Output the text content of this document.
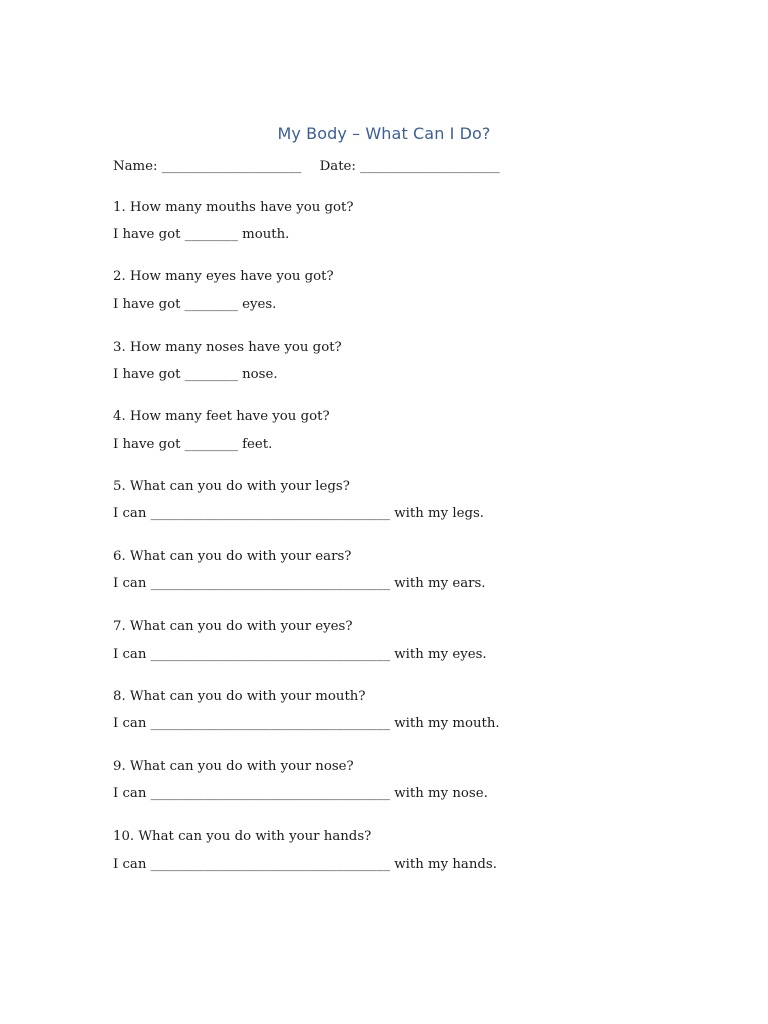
My Body – What Can I Do?
Name: _____________________ Date: _____________________
1. How many mouths have you got?
I have got ________ mouth.
2. How many eyes have you got?
I have got ________ eyes.
3. How many noses have you got?
I have got ________ nose.
4. How many feet have you got?
I have got ________ feet.
5. What can you do with your legs?
I can ____________________________________ with my legs.
6. What can you do with your ears?
I can ____________________________________ with my ears.
7. What can you do with your eyes?
I can ____________________________________ with my eyes.
8. What can you do with your mouth?
I can ____________________________________ with my mouth.
9. What can you do with your nose?
I can ____________________________________ with my nose.
10. What can you do with your hands?
I can ____________________________________ with my hands.
